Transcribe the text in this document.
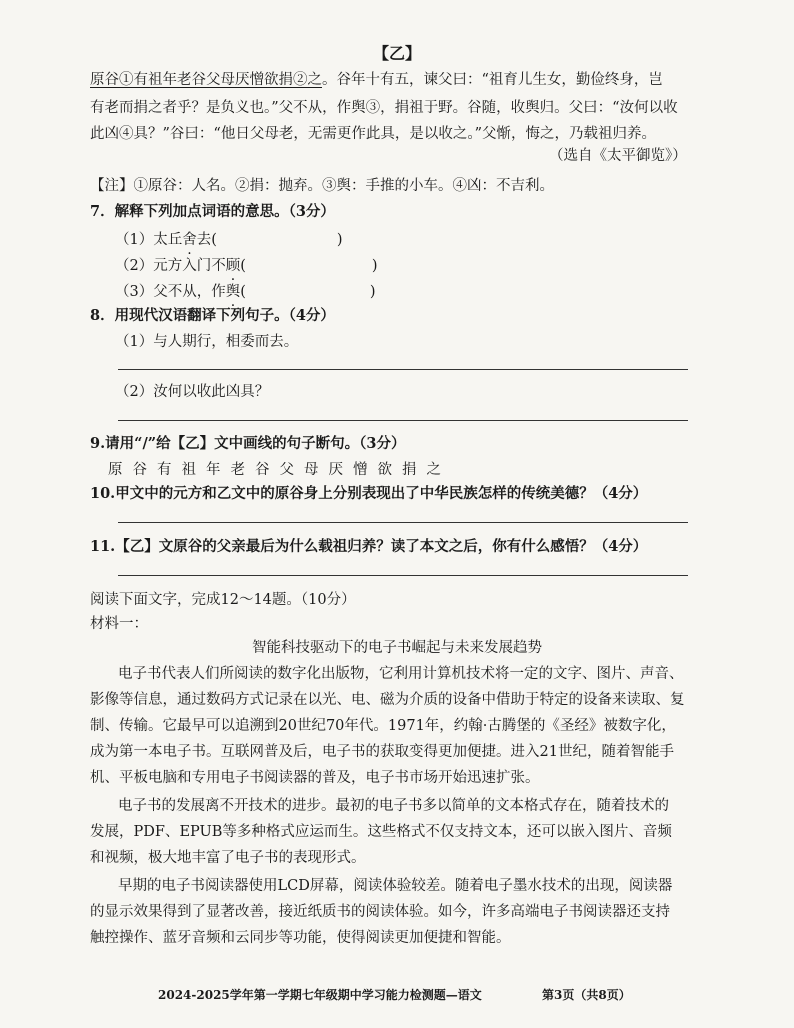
【乙】
原谷①有祖年老谷父母厌憎欲捐②之。谷年十有五，谏父曰：“祖育儿生女，勤俭终身，岂
有老而捐之者乎？是负义也。”父不从，作舆③，捐祖于野。谷随，收舆归。父曰：“汝何以收
此凶④具？”谷曰：“他日父母老，无需更作此具，是以收之。”父惭，悔之，乃载祖归养。
（选自《太平御览》）
【注】①原谷：人名。②捐：抛弃。③舆：手推的小车。④凶：不吉利。
7．解释下列加点词语的意思。（3分）
（1）太丘舍去(	)
（2）元方入门不顾(	)
（3）父不从，作舆(	)
8．用现代汉语翻译下列句子。（4分）
（1）与人期行，相委而去。
（2）汝何以收此凶具？
9.请用“/”给【乙】文中画线的句子断句。（3分）
原谷有祖年老谷父母厌憎欲捐之
10.甲文中的元方和乙文中的原谷身上分别表现出了中华民族怎样的传统美德？（4分）
11.【乙】文原谷的父亲最后为什么载祖归养？读了本文之后，你有什么感悟？（4分）
阅读下面文字，完成12～14题。（10分）
材料一：
智能科技驱动下的电子书崛起与未来发展趋势
电子书代表人们所阅读的数字化出版物，它利用计算机技术将一定的文字、图片、声音、
影像等信息，通过数码方式记录在以光、电、磁为介质的设备中借助于特定的设备来读取、复
制、传输。它最早可以追溯到20世纪70年代。1971年，约翰·古腾堡的《圣经》被数字化，
成为第一本电子书。互联网普及后，电子书的获取变得更加便捷。进入21世纪，随着智能手
机、平板电脑和专用电子书阅读器的普及，电子书市场开始迅速扩张。
电子书的发展离不开技术的进步。最初的电子书多以简单的文本格式存在，随着技术的
发展，PDF、EPUB等多种格式应运而生。这些格式不仅支持文本，还可以嵌入图片、音频
和视频，极大地丰富了电子书的表现形式。
早期的电子书阅读器使用LCD屏幕，阅读体验较差。随着电子墨水技术的出现，阅读器
的显示效果得到了显著改善，接近纸质书的阅读体验。如今，许多高端电子书阅读器还支持
触控操作、蓝牙音频和云同步等功能，使得阅读更加便捷和智能。
2024-2025学年第一学期七年级期中学习能力检测题—语文	第3页（共8页）
